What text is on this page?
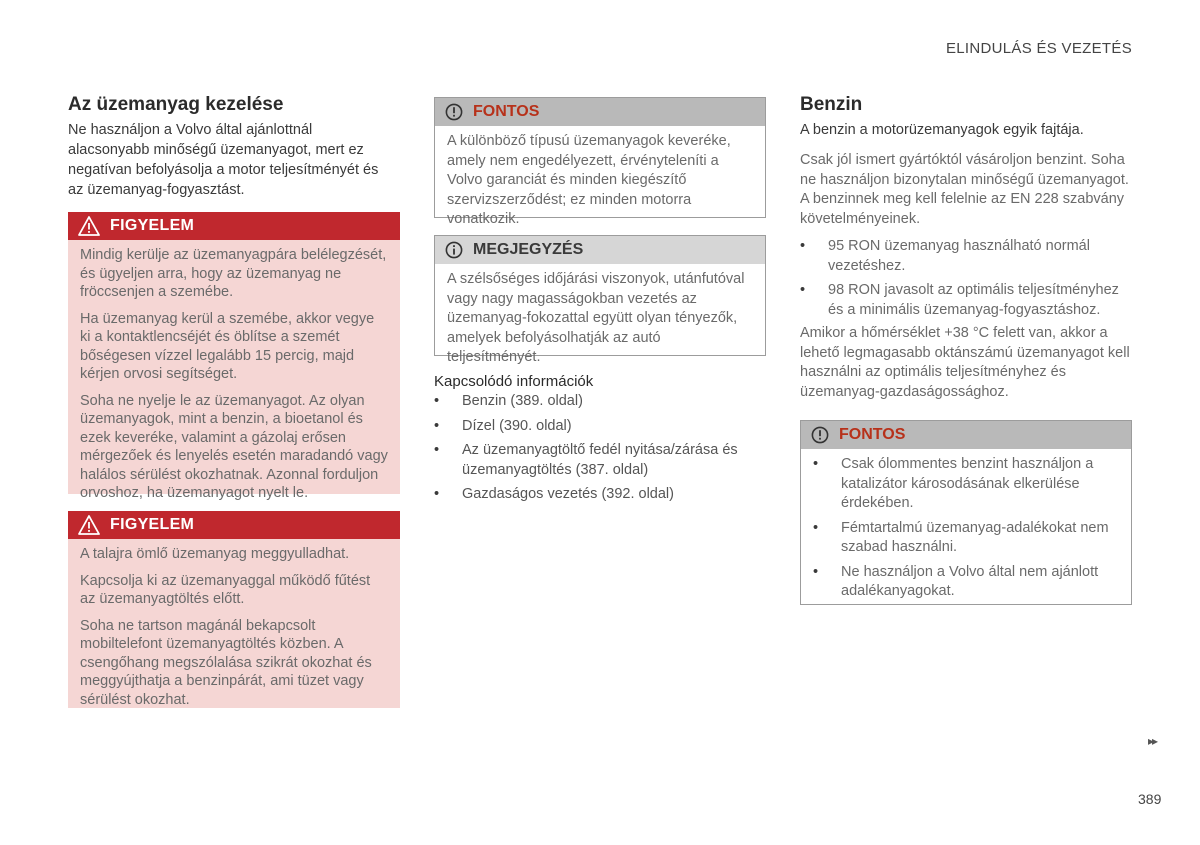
ELINDULÁS ÉS VEZETÉS
Az üzemanyag kezelése
Ne használjon a Volvo által ajánlottnál alacsonyabb minőségű üzemanyagot, mert ez negatívan befolyásolja a motor teljesítményét és az üzemanyag-fogyasztást.
FIGYELEM

Mindig kerülje az üzemanyagpára belélegzését, és ügyeljen arra, hogy az üzemanyag ne fröccsenjen a szemébe.

Ha üzemanyag kerül a szemébe, akkor vegye ki a kontaktlencséjét és öblítse a szemét bőségesen vízzel legalább 15 percig, majd kérjen orvosi segítséget.

Soha ne nyelje le az üzemanyagot. Az olyan üzemanyagok, mint a benzin, a bioetanol és ezek keveréke, valamint a gázolaj erősen mérgezőek és lenyelés esetén maradandó vagy halálos sérülést okozhatnak. Azonnal forduljon orvoshoz, ha üzemanyagot nyelt le.

FIGYELEM

A talajra ömlő üzemanyag meggyulladhat.

Kapcsolja ki az üzemanyaggal működő fűtést az üzemanyagtöltés előtt.

Soha ne tartson magánál bekapcsolt mobiltelefont üzemanyagtöltés közben. A csengőhang megszólalása szikrát okozhat és meggyújthatja a benzinpárát, ami tüzet vagy sérülést okozhat.

FONTOS
A különböző típusú üzemanyagok keveréke, amely nem engedélyezett, érvényteleníti a Volvo garanciát és minden kiegészítő szervizszerződést; ez minden motorra vonatkozik.
MEGJEGYZÉS
A szélsőséges időjárási viszonyok, utánfutóval vagy nagy magasságokban vezetés az üzemanyag-fokozattal együtt olyan tényezők, amelyek befolyásolhatják az autó teljesítményét.
Kapcsolódó információk
• Benzin (389. oldal)
• Dízel (390. oldal)
• Az üzemanyagtöltő fedél nyitása/zárása és üzemanyagtöltés (387. oldal)
• Gazdaságos vezetés (392. oldal)
Benzin
A benzin a motorüzemanyagok egyik fajtája.
Csak jól ismert gyártóktól vásároljon benzint. Soha ne használjon bizonytalan minőségű üzemanyagot. A benzinnek meg kell felelnie az EN 228 szabvány követelményeinek.
• 95 RON üzemanyag használható normál vezetéshez.
• 98 RON javasolt az optimális teljesítményhez és a minimális üzemanyag-fogyasztáshoz.
Amikor a hőmérséklet +38 °C felett van, akkor a lehető legmagasabb oktánszámú üzemanyagot kell használni az optimális teljesítményhez és üzemanyag-gazdaságossághoz.
FONTOS
• Csak ólommentes benzint használjon a katalizátor károsodásának elkerülése érdekében.
• Fémtartalmú üzemanyag-adalékokat nem szabad használni.
• Ne használjon a Volvo által nem ajánlott adalékanyagokat.
▸▸
389
